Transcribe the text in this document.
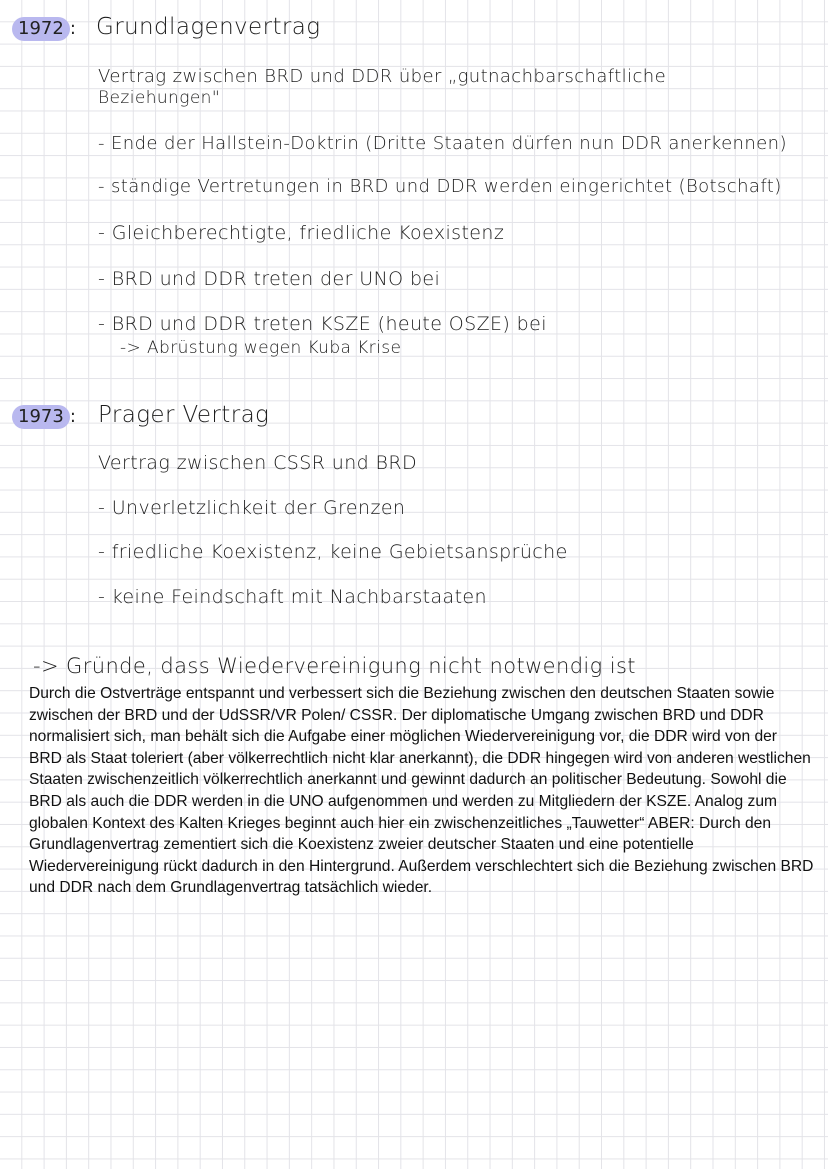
1972 : Grundlagenvertrag
Vertrag zwischen BRD und DDR über „gutnachbarschaftliche
Beziehungen"
- Ende der Hallstein-Doktrin (Dritte Staaten dürfen nun DDR anerkennen)
- ständige Vertretungen in BRD und DDR werden eingerichtet (Botschaft)
- Gleichberechtigte, friedliche Koexistenz
- BRD und DDR treten der UNO bei
- BRD und DDR treten KSZE (heute OSZE) bei
-> Abrüstung wegen Kuba Krise
1973 : Prager Vertrag
Vertrag zwischen CSSR und BRD
- Unverletzlichkeit der Grenzen
- friedliche Koexistenz, keine Gebietsansprüche
- keine Feindschaft mit Nachbarstaaten
-> Gründe, dass Wiedervereinigung nicht notwendig ist

Durch die Ostverträge entspannt und verbessert sich die Beziehung zwischen den deutschen Staaten sowie zwischen der BRD und der UdSSR/VR Polen/ CSSR. Der diplomatische Umgang zwischen BRD und DDR normalisiert sich, man behält sich die Aufgabe einer möglichen Wiedervereinigung vor, die DDR wird von der BRD als Staat toleriert (aber völkerrechtlich nicht klar anerkannt), die DDR hingegen wird von anderen westlichen Staaten zwischenzeitlich völkerrechtlich anerkannt und gewinnt dadurch an politischer Bedeutung. Sowohl die BRD als auch die DDR werden in die UNO aufgenommen und werden zu Mitgliedern der KSZE. Analog zum globalen Kontext des Kalten Krieges beginnt auch hier ein zwischenzeitliches „Tauwetter“ ABER: Durch den Grundlagenvertrag zementiert sich die Koexistenz zweier deutscher Staaten und eine potentielle Wiedervereinigung rückt dadurch in den Hintergrund. Außerdem verschlechtert sich die Beziehung zwischen BRD und DDR nach dem Grundlagenvertrag tatsächlich wieder.
